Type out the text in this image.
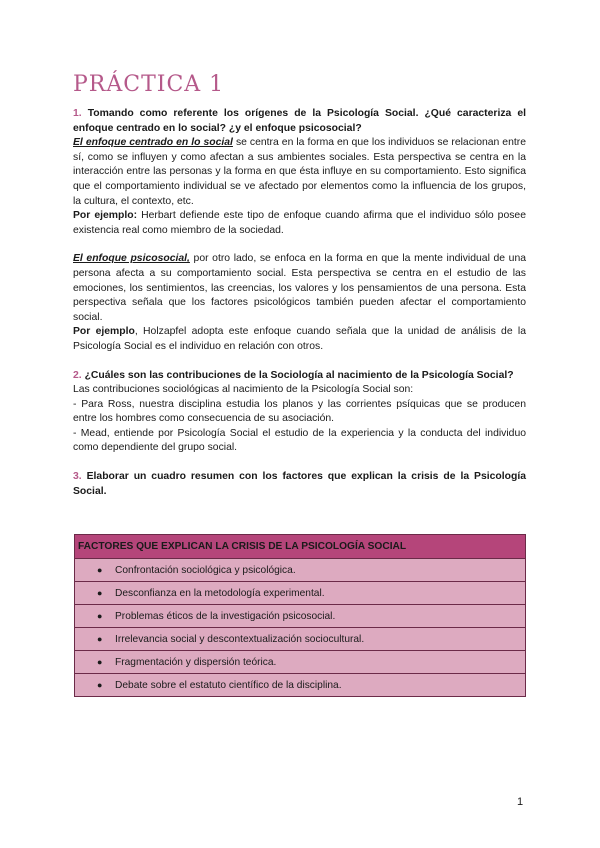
PRÁCTICA 1

1. Tomando como referente los orígenes de la Psicología Social. ¿Qué caracteriza el enfoque centrado en lo social? ¿y el enfoque psicosocial?

El enfoque centrado en lo social se centra en la forma en que los individuos se relacionan entre sí, como se influyen y como afectan a sus ambientes sociales. Esta perspectiva se centra en la interacción entre las personas y la forma en que ésta influye en su comportamiento. Esto significa que el comportamiento individual se ve afectado por elementos como la influencia de los grupos, la cultura, el contexto, etc.

Por ejemplo: Herbart defiende este tipo de enfoque cuando afirma que el individuo sólo posee existencia real como miembro de la sociedad.

El enfoque psicosocial, por otro lado, se enfoca en la forma en que la mente individual de una persona afecta a su comportamiento social. Esta perspectiva se centra en el estudio de las emociones, los sentimientos, las creencias, los valores y los pensamientos de una persona. Esta perspectiva señala que los factores psicológicos también pueden afectar el comportamiento social.

Por ejemplo, Holzapfel adopta este enfoque cuando señala que la unidad de análisis de la Psicología Social es el individuo en relación con otros.

2. ¿Cuáles son las contribuciones de la Sociología al nacimiento de la Psicología Social?

Las contribuciones sociológicas al nacimiento de la Psicología Social son:

- Para Ross, nuestra disciplina estudia los planos y las corrientes psíquicas que se producen entre los hombres como consecuencia de su asociación.

- Mead, entiende por Psicología Social el estudio de la experiencia y la conducta del individuo como dependiente del grupo social.

3. Elaborar un cuadro resumen con los factores que explican la crisis de la Psicología Social.

FACTORES QUE EXPLICAN LA CRISIS DE LA PSICOLOGÍA SOCIAL
● Confrontación sociológica y psicológica.
● Desconfianza en la metodología experimental.
● Problemas éticos de la investigación psicosocial.
● Irrelevancia social y descontextualización sociocultural.
● Fragmentación y dispersión teórica.
● Debate sobre el estatuto científico de la disciplina.
1
